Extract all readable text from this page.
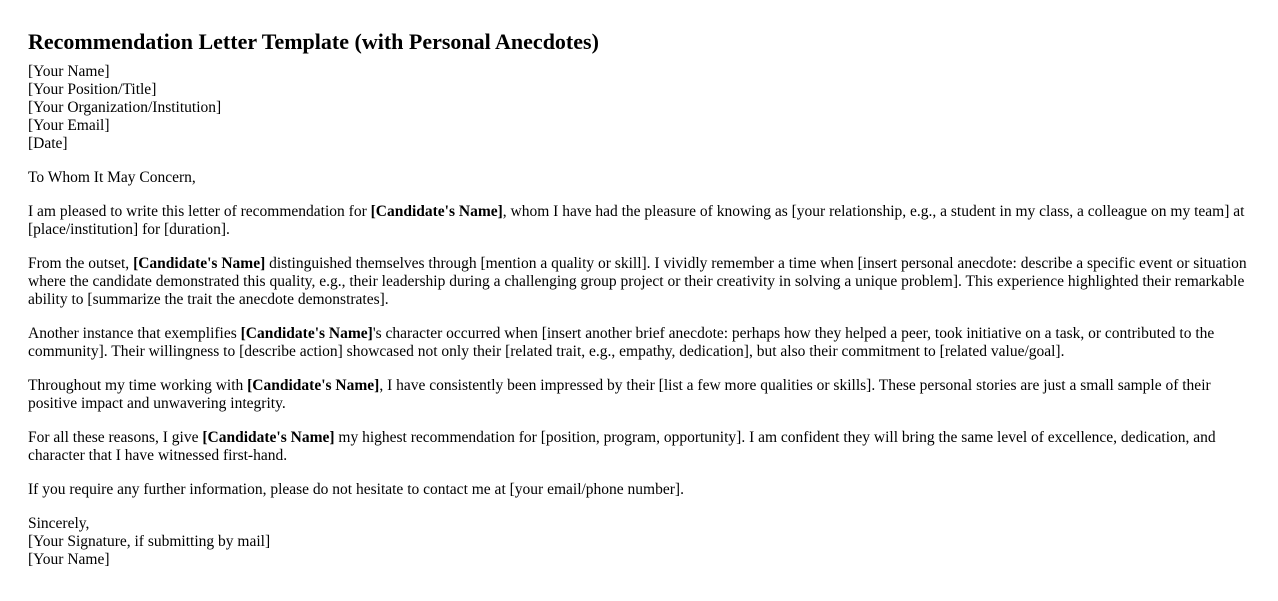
Recommendation Letter Template (with Personal Anecdotes)
[Your Name]
[Your Position/Title]
[Your Organization/Institution]
[Your Email]
[Date]

To Whom It May Concern,

I am pleased to write this letter of recommendation for [Candidate's Name], whom I have had the pleasure of knowing as [your relationship, e.g., a student in my class, a colleague on my team] at [place/institution] for [duration].

From the outset, [Candidate's Name] distinguished themselves through [mention a quality or skill]. I vividly remember a time when [insert personal anecdote: describe a specific event or situation where the candidate demonstrated this quality, e.g., their leadership during a challenging group project or their creativity in solving a unique problem]. This experience highlighted their remarkable ability to [summarize the trait the anecdote demonstrates].

Another instance that exemplifies [Candidate's Name]'s character occurred when [insert another brief anecdote: perhaps how they helped a peer, took initiative on a task, or contributed to the community]. Their willingness to [describe action] showcased not only their [related trait, e.g., empathy, dedication], but also their commitment to [related value/goal].

Throughout my time working with [Candidate's Name], I have consistently been impressed by their [list a few more qualities or skills]. These personal stories are just a small sample of their positive impact and unwavering integrity.

For all these reasons, I give [Candidate's Name] my highest recommendation for [position, program, opportunity]. I am confident they will bring the same level of excellence, dedication, and character that I have witnessed first-hand.

If you require any further information, please do not hesitate to contact me at [your email/phone number].

Sincerely,
[Your Signature, if submitting by mail]
[Your Name]
